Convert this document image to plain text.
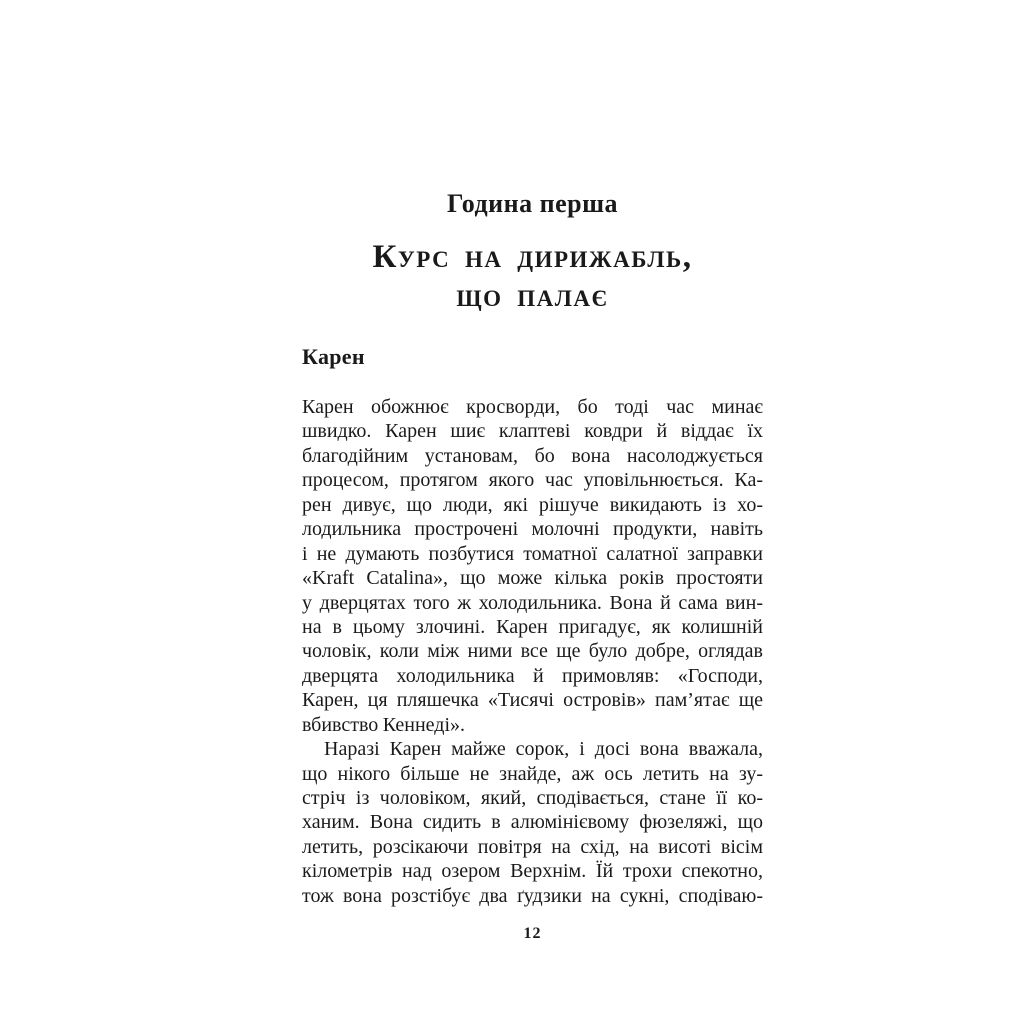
Година перша
Курс на дирижабль,
що палає
Карен
Карен обожнює кросворди, бо тоді час минає
швидко. Карен шиє клаптеві ковдри й віддає їх
благодійним установам, бо вона насолоджується
процесом, протягом якого час уповільнюється. Ка-
рен дивує, що люди, які рішуче викидають із хо-
лодильника прострочені молочні продукти, навіть
і не думають позбутися томатної салатної заправки
«Kraft Catalina», що може кілька років простояти
у дверцятах того ж холодильника. Вона й сама вин-
на в цьому злочині. Карен пригадує, як колишній
чоловік, коли між ними все ще було добре, оглядав
дверцята холодильника й примовляв: «Господи,
Карен, ця пляшечка «Тисячі островів» пам’ятає ще
вбивство Кеннеді».
Наразі Карен майже сорок, і досі вона вважала,
що нікого більше не знайде, аж ось летить на зу-
стріч із чоловіком, який, сподівається, стане її ко-
ханим. Вона сидить в алюмінієвому фюзеляжі, що
летить, розсікаючи повітря на схід, на висоті вісім
кілометрів над озером Верхнім. Їй трохи спекотно,
тож вона розстібує два ґудзики на сукні, сподіваю-
12
